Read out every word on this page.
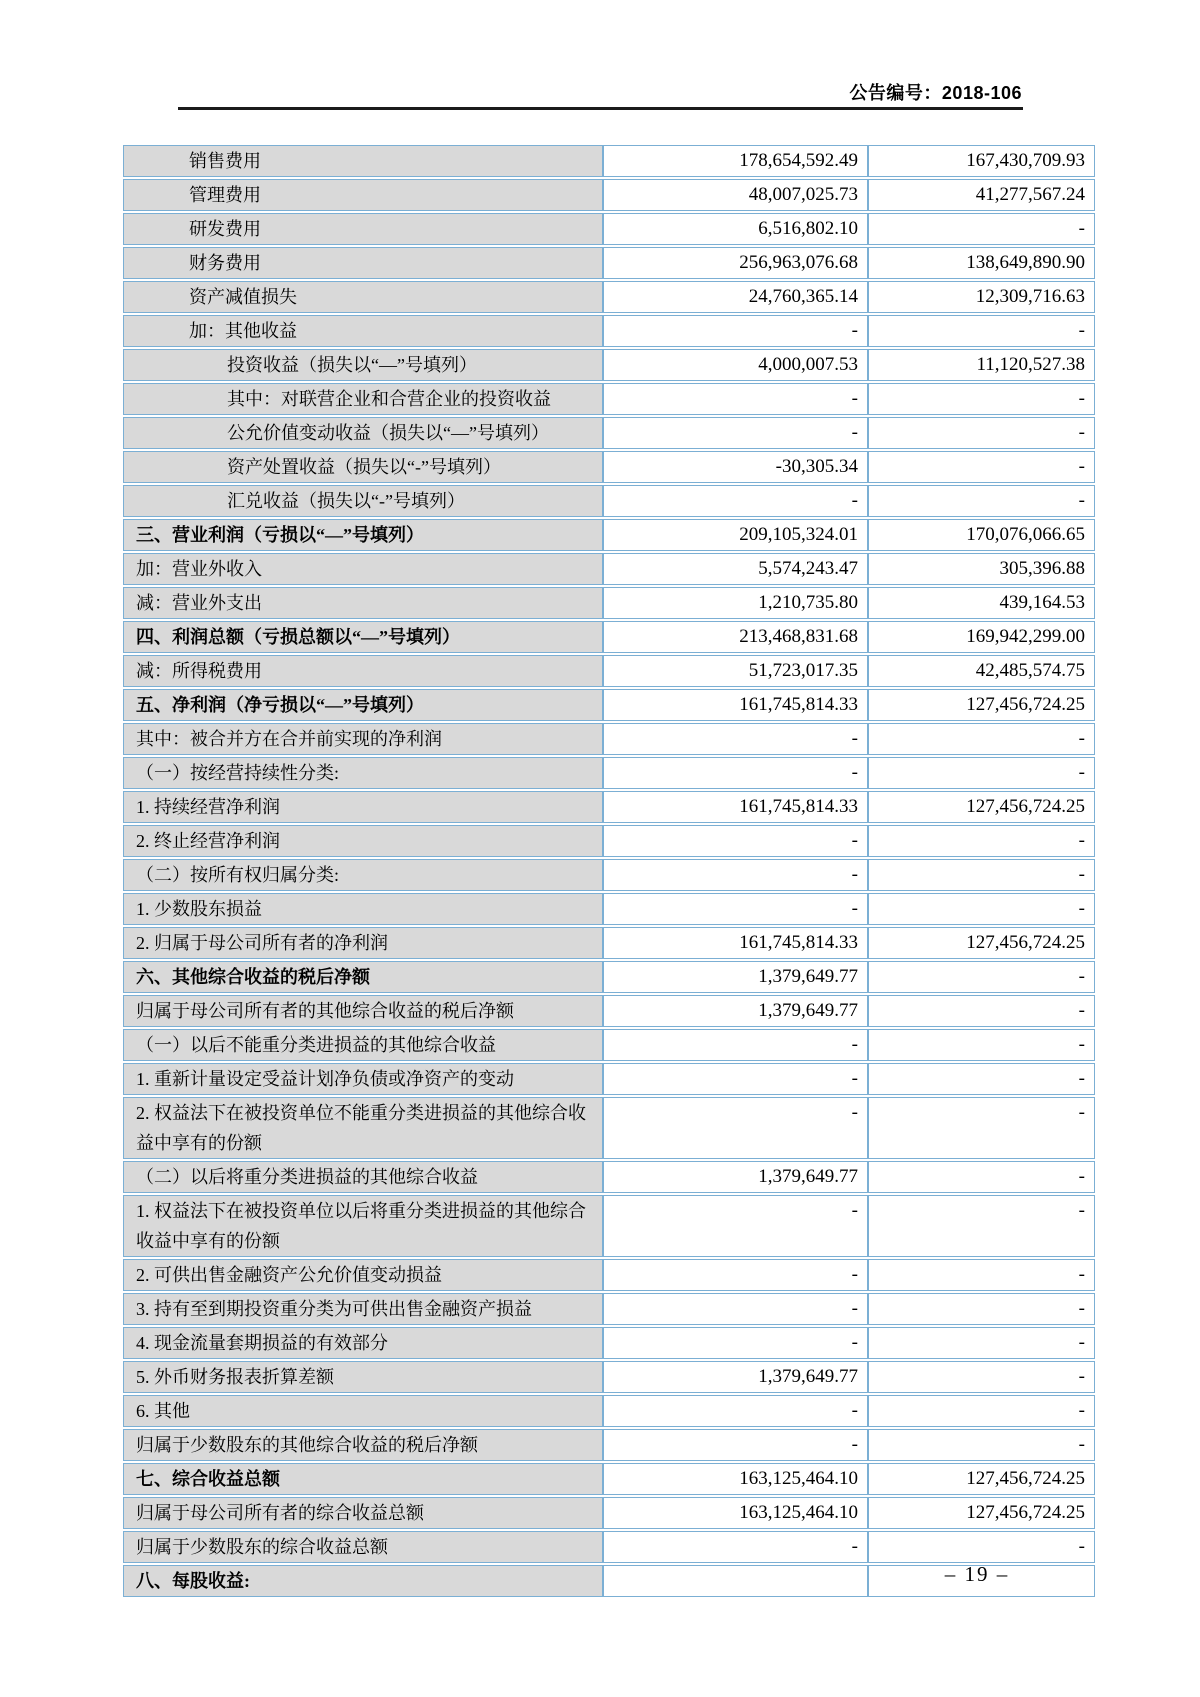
公告编号：2018-106
销售费用	178,654,592.49	167,430,709.93
管理费用	48,007,025.73	41,277,567.24
研发费用	6,516,802.10	-
财务费用	256,963,076.68	138,649,890.90
资产减值损失	24,760,365.14	12,309,716.63
加：其他收益	-	-
投资收益（损失以“—”号填列）	4,000,007.53	11,120,527.38
其中：对联营企业和合营企业的投资收益	-	-
公允价值变动收益（损失以“—”号填列）	-	-
资产处置收益（损失以“-”号填列）	-30,305.34	-
汇兑收益（损失以“-”号填列）	-	-
三、营业利润（亏损以“—”号填列）	209,105,324.01	170,076,066.65
加：营业外收入	5,574,243.47	305,396.88
减：营业外支出	1,210,735.80	439,164.53
四、利润总额（亏损总额以“—”号填列）	213,468,831.68	169,942,299.00
减：所得税费用	51,723,017.35	42,485,574.75
五、净利润（净亏损以“—”号填列）	161,745,814.33	127,456,724.25
其中：被合并方在合并前实现的净利润	-	-
（一）按经营持续性分类:	-	-
1. 持续经营净利润	161,745,814.33	127,456,724.25
2. 终止经营净利润	-	-
（二）按所有权归属分类:	-	-
1. 少数股东损益	-	-
2. 归属于母公司所有者的净利润	161,745,814.33	127,456,724.25
六、其他综合收益的税后净额	1,379,649.77	-
归属于母公司所有者的其他综合收益的税后净额	1,379,649.77	-
（一）以后不能重分类进损益的其他综合收益	-	-
1. 重新计量设定受益计划净负债或净资产的变动	-	-
2. 权益法下在被投资单位不能重分类进损益的其他综合收益中享有的份额
-	-
（二）以后将重分类进损益的其他综合收益	1,379,649.77	-
1. 权益法下在被投资单位以后将重分类进损益的其他综合收益中享有的份额
-	-
2. 可供出售金融资产公允价值变动损益	-	-
3. 持有至到期投资重分类为可供出售金融资产损益	-	-
4. 现金流量套期损益的有效部分	-	-
5. 外币财务报表折算差额	1,379,649.77	-
6. 其他	-	-
归属于少数股东的其他综合收益的税后净额	-	-
七、综合收益总额	163,125,464.10	127,456,724.25
归属于母公司所有者的综合收益总额	163,125,464.10	127,456,724.25
归属于少数股东的综合收益总额	-	-
八、每股收益:	– 19 –
